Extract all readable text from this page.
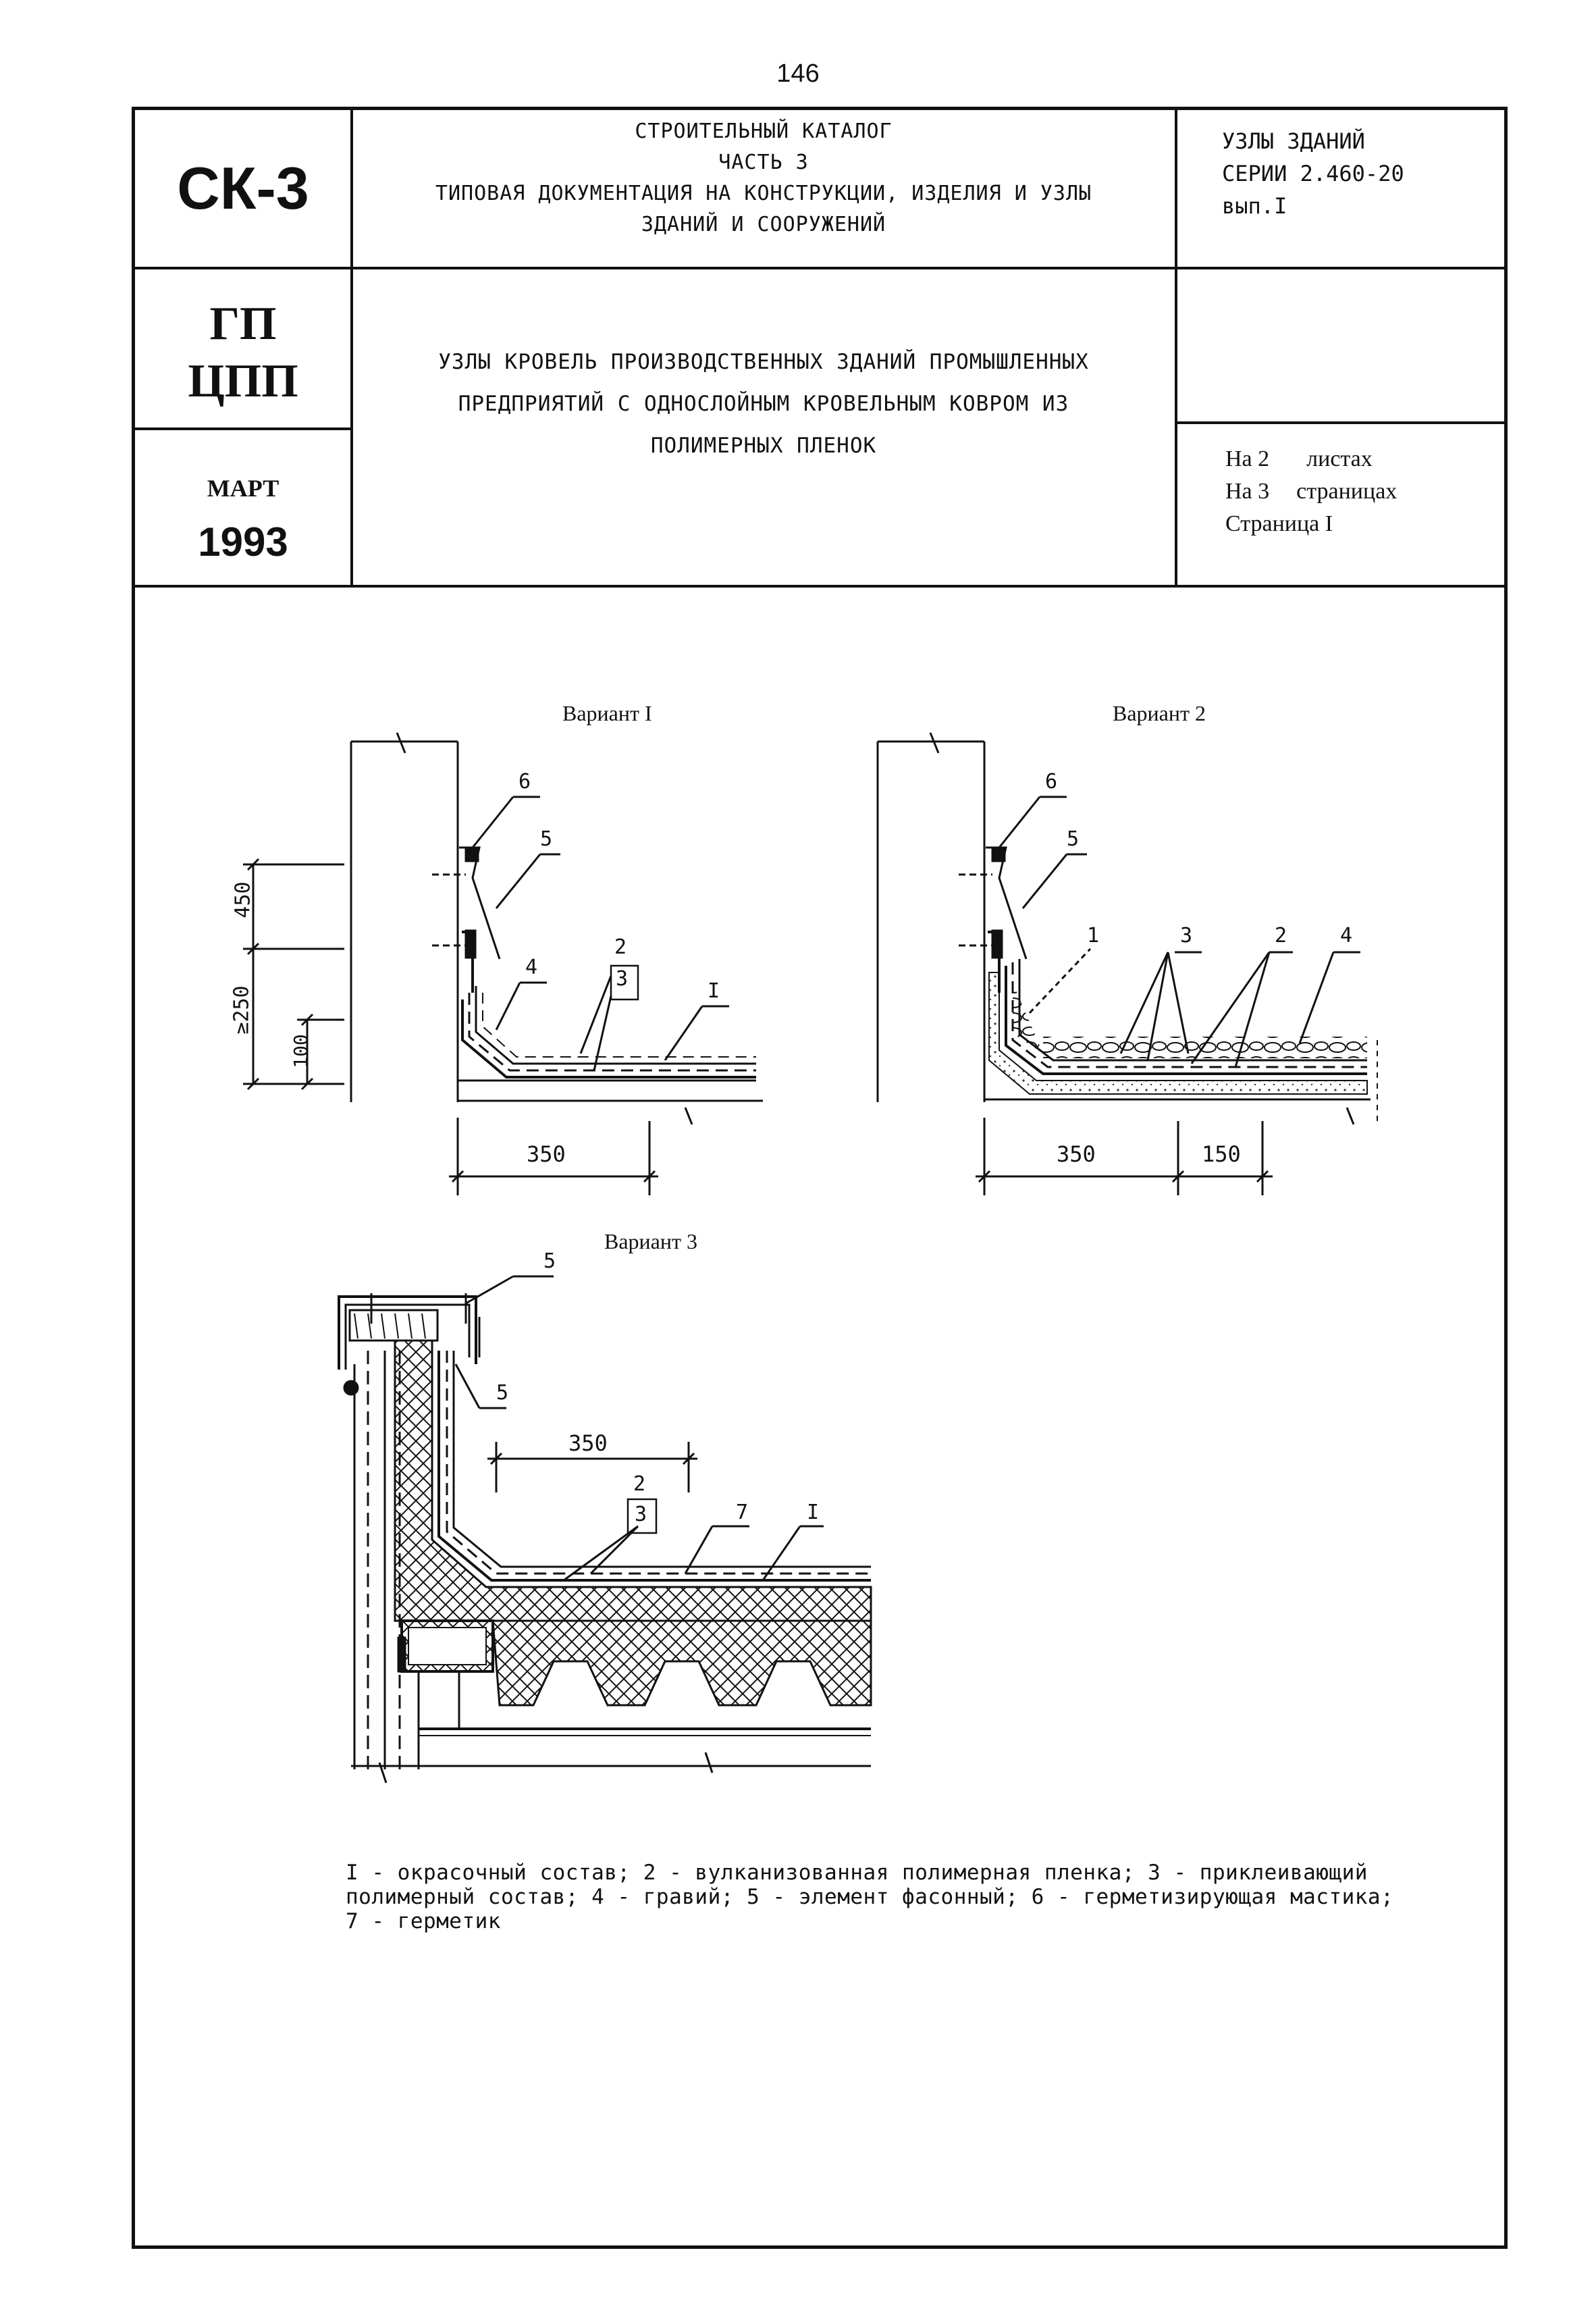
146
СК-3
ГП
ЦПП
МАРТ
1993
СТРОИТЕЛЬНЫЙ КАТАЛОГ
ЧАСТЬ 3
ТИПОВАЯ ДОКУМЕНТАЦИЯ НА КОНСТРУКЦИИ, ИЗДЕЛИЯ И УЗЛЫ
ЗДАНИЙ И СООРУЖЕНИЙ
УЗЛЫ ЗДАНИЙ
СЕРИИ 2.460-20
вып.I
УЗЛЫ КРОВЕЛЬ ПРОИЗВОДСТВЕННЫХ ЗДАНИЙ ПРОМЫШЛЕННЫХ
ПРЕДПРИЯТИЙ С ОДНОСЛОЙНЫМ КРОВЕЛЬНЫМ КОВРОМ ИЗ
ПОЛИМЕРНЫХ ПЛЕНОК
На 2 листах
На 3 страницах
Страница I
Вариант I	Вариант 2
Вариант 3
450
≥250
100
350
6
5
4
2
3
I
350	150
6
5
1	3	2	4
350
5
5
2
3	7	I
I - окрасочный состав; 2 - вулканизованная полимерная пленка; 3 - приклеивающий
полимерный состав; 4 - гравий; 5 - элемент фасонный; 6 - герметизирующая мастика;
7 - герметик
